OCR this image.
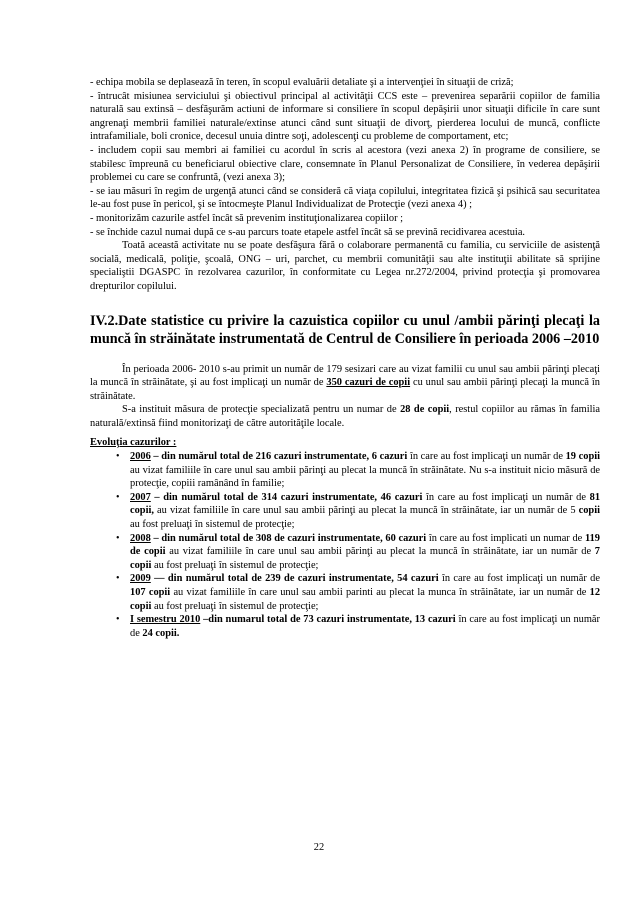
- echipa mobila se deplasează în teren, în scopul evaluării detaliate şi a intervenţiei în situaţii de criză;

- întrucât misiunea serviciului şi obiectivul principal al activităţii CCS este – prevenirea separării copiilor de familia naturală sau extinsă – desfăşurăm actiuni de informare si consiliere în scopul depăşirii unor situaţii dificile în care sunt angrenaţi membrii familiei naturale/extinse atunci când sunt situaţii de divorţ, pierderea locului de muncă, conflicte intrafamiliale, boli cronice, decesul unuia dintre soţi, adolescenţi cu probleme de comportament, etc;

- includem copii sau membri ai familiei cu acordul în scris al acestora (vezi anexa 2) în programe de consiliere, se stabilesc împreună cu beneficiarul obiective clare, consemnate în Planul Personalizat de Consiliere, în vederea depăşirii problemei cu care se confruntă, (vezi anexa 3);

- se iau măsuri în regim de urgenţă atunci când se consideră că viaţa copilului, integritatea fizică şi psihică sau securitatea le-au fost puse în pericol, şi se întocmeşte Planul Individualizat de Protecţie (vezi anexa 4) ;

- monitorizăm cazurile astfel încât să prevenim instituţionalizarea copiilor ;

- se închide cazul numai după ce s-au parcurs toate etapele astfel încât să se prevină recidivarea acestuia.

Toată această activitate nu se poate desfăşura fără o colaborare permanentă cu familia, cu serviciile de asistenţă socială, medicală, poliţie, şcoală, ONG – uri, parchet, cu membrii comunităţii sau alte instituţii abilitate să sprijine specialiştii DGASPC în rezolvarea cazurilor, în conformitate cu Legea nr.272/2004, privind protecţia şi promovarea drepturilor copilului.

IV.2.Date statistice cu privire la cazuistica copiilor cu unul /ambii părinţi plecaţi la muncă în străinătate instrumentată de Centrul de Consiliere în perioada 2006 –2010

În perioada 2006- 2010 s-au primit un număr de 179 sesizari care au vizat familii cu unul sau ambii părinţi plecaţi la muncă în străinătate, şi au fost implicaţi un număr de 350 cazuri de copii cu unul sau ambii părinţi plecaţi la muncă în străinătate.

S-a instituit măsura de protecţie specializată pentru un numar de 28 de copii, restul copiilor au rămas în familia naturală/extinsă fiind monitorizaţi de către autorităţile locale.

Evoluţia cazurilor :

• 2006 – din numărul total de 216 cazuri instrumentate, 6 cazuri în care au fost implicaţi un număr de 19 copii au vizat familiile în care unul sau ambii părinţi au plecat la muncă în străinătate. Nu s-a instituit nicio măsură de protecţie, copiii ramânând în familie;
• 2007 – din numărul total de 314 cazuri instrumentate, 46 cazuri în care au fost implicaţi un număr de 81 copii, au vizat familiile în care unul sau ambii părinţi au plecat la muncă în străinătate, iar un număr de 5 copii au fost preluaţi în sistemul de protecţie;
• 2008 – din numărul total de 308 de cazuri instrumentate, 60 cazuri în care au fost implicati un numar de 119 de copii au vizat familiile în care unul sau ambii părinţi au plecat la muncă în străinătate, iar un număr de 7 copii au fost preluaţi în sistemul de protecţie;
• 2009 — din numărul total de 239 de cazuri instrumentate, 54 cazuri în care au fost implicaţi un număr de 107 copii au vizat familiile în care unul sau ambii parinti au plecat la munca în străinătate, iar un număr de 12 copii au fost preluaţi în sistemul de protecţie;
• I semestru 2010 –din numarul total de 73 cazuri instrumentate, 13 cazuri în care au fost implicaţi un număr de 24 copii.
22
